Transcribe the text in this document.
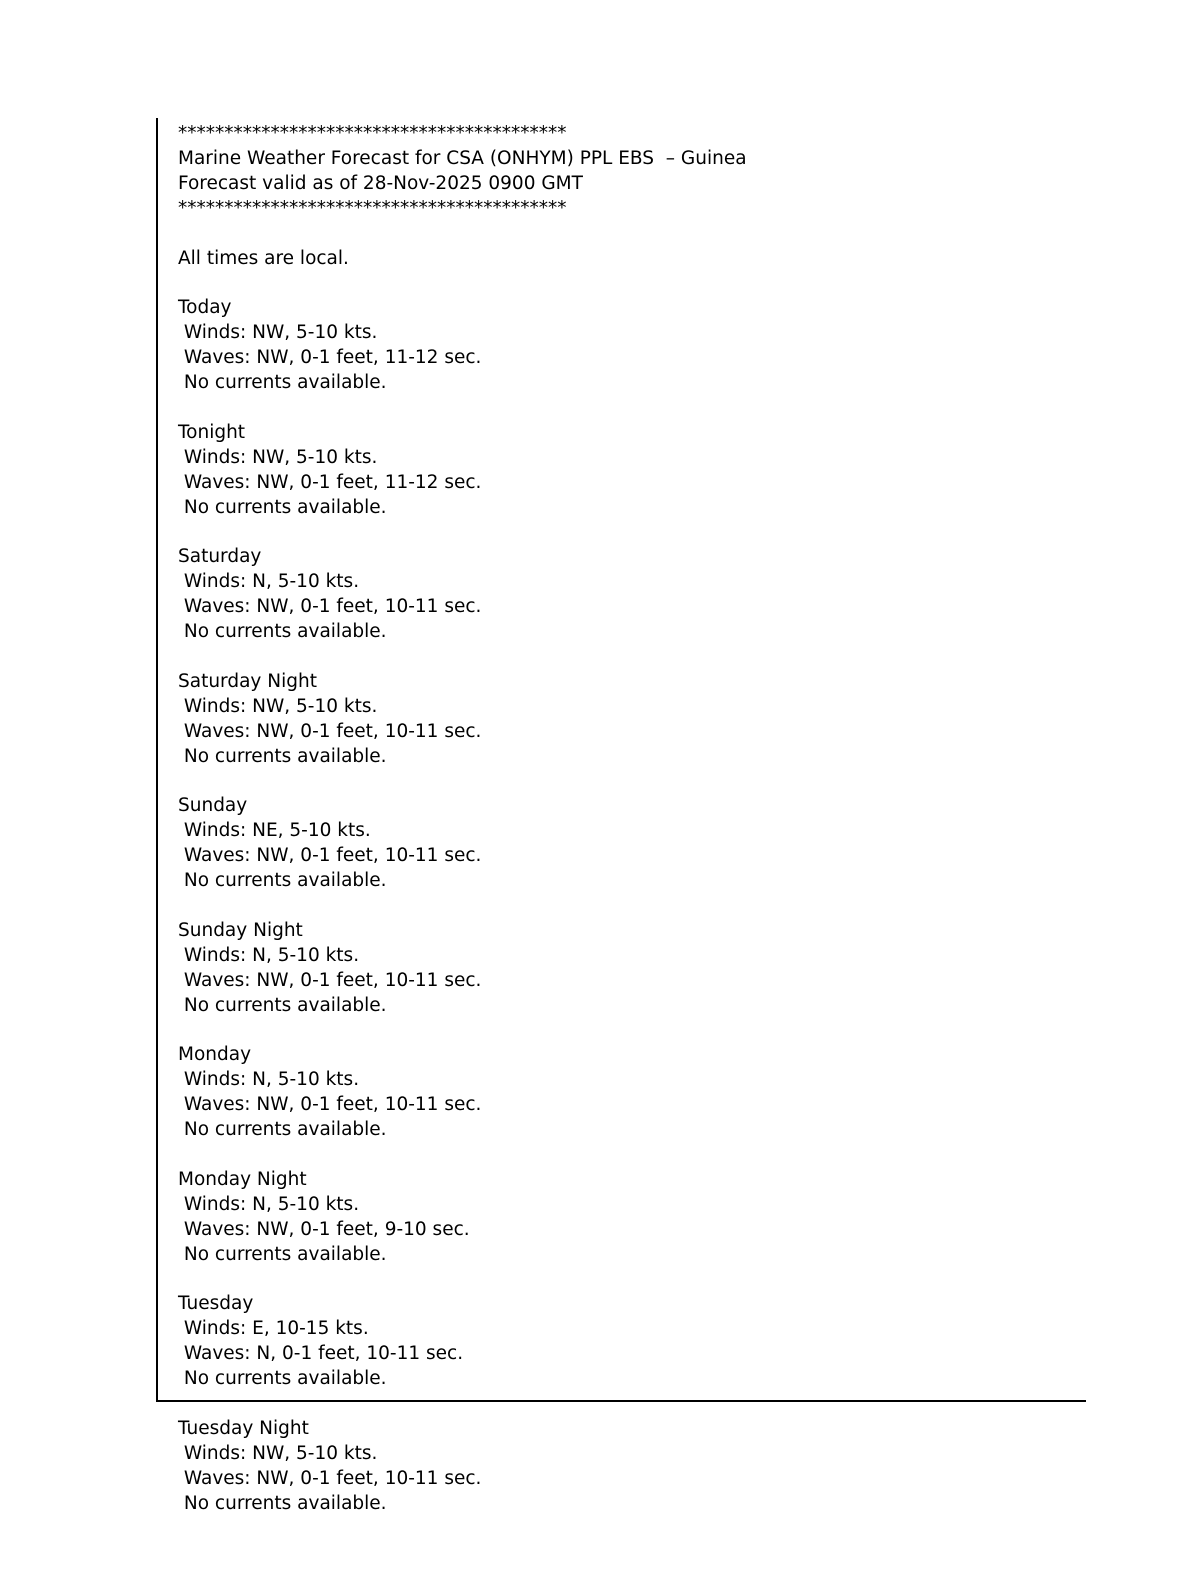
******************************************
Marine Weather Forecast for CSA (ONHYM) PPL EBS  – Guinea
Forecast valid as of 28-Nov-2025 0900 GMT
******************************************
All times are local.
Today
Winds: NW, 5-10 kts.
Waves: NW, 0-1 feet, 11-12 sec.
No currents available.
Tonight
Winds: NW, 5-10 kts.
Waves: NW, 0-1 feet, 11-12 sec.
No currents available.
Saturday
Winds: N, 5-10 kts.
Waves: NW, 0-1 feet, 10-11 sec.
No currents available.
Saturday Night
Winds: NW, 5-10 kts.
Waves: NW, 0-1 feet, 10-11 sec.
No currents available.
Sunday
Winds: NE, 5-10 kts.
Waves: NW, 0-1 feet, 10-11 sec.
No currents available.
Sunday Night
Winds: N, 5-10 kts.
Waves: NW, 0-1 feet, 10-11 sec.
No currents available.
Monday
Winds: N, 5-10 kts.
Waves: NW, 0-1 feet, 10-11 sec.
No currents available.
Monday Night
Winds: N, 5-10 kts.
Waves: NW, 0-1 feet, 9-10 sec.
No currents available.
Tuesday
Winds: E, 10-15 kts.
Waves: N, 0-1 feet, 10-11 sec.
No currents available.
Tuesday Night
Winds: NW, 5-10 kts.
Waves: NW, 0-1 feet, 10-11 sec.
No currents available.
